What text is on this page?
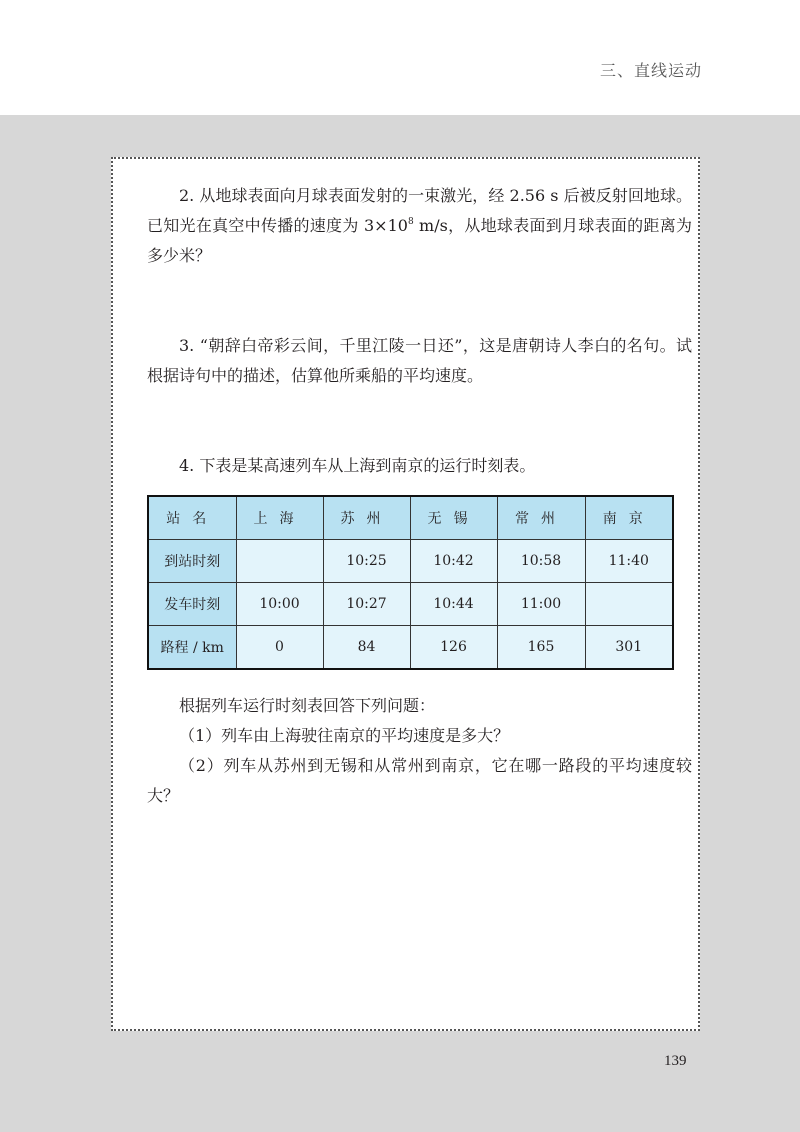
三、直线运动
2. 从地球表面向月球表面发射的一束激光，经 2.56 s 后被反射回地球。已知光在真空中传播的速度为 $3\times 10^8$ m/s，从地球表面到月球表面的距离为多少米？
3. “朝辞白帝彩云间，千里江陵一日还”，这是唐朝诗人李白的名句。试根据诗句中的描述，估算他所乘船的平均速度。
4. 下表是某高速列车从上海到南京的运行时刻表。
站名	上海	苏州	无锡	常州	南京
到站时刻		10:25	10:42	10:58	11:40
发车时刻	10:00	10:27	10:44	11:00	
路程 / km	0	84	126	165	301
根据列车运行时刻表回答下列问题：
（1）列车由上海驶往南京的平均速度是多大？
（2）列车从苏州到无锡和从常州到南京，它在哪一路段的平均速度较大？
139
